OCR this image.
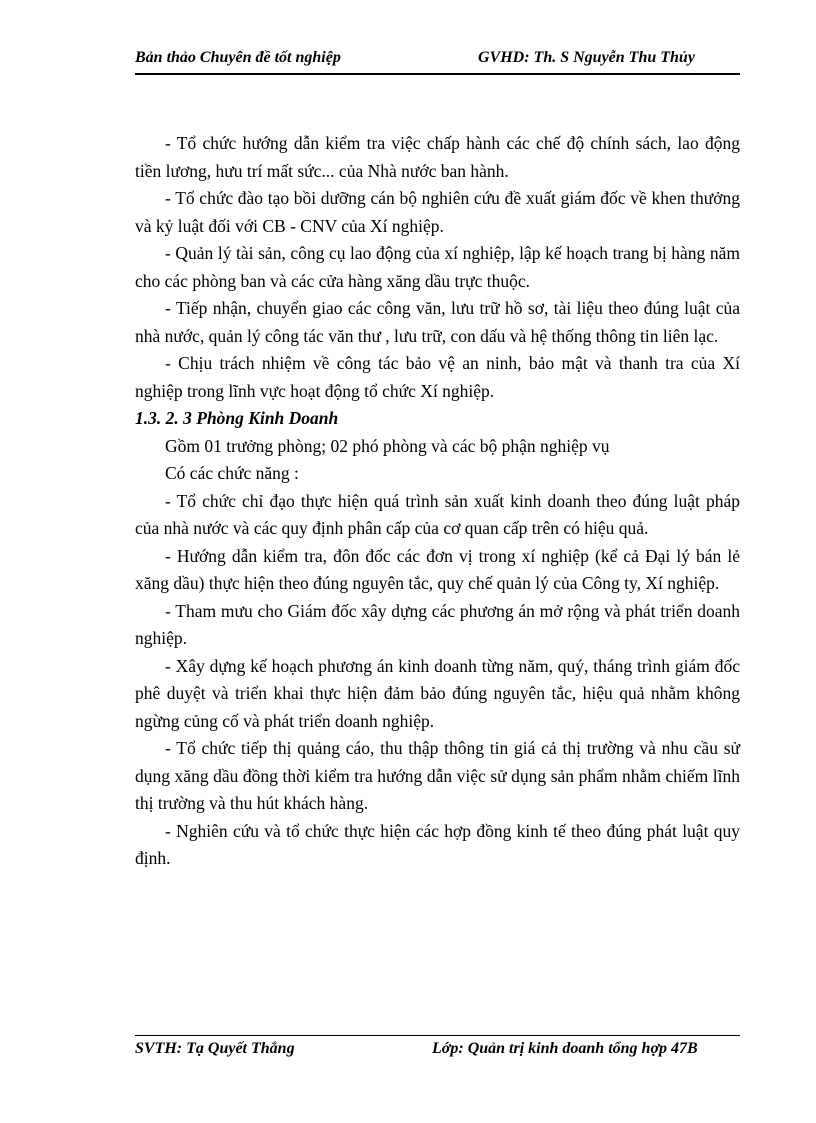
Bản thảo Chuyên đề tốt nghiệp	GVHD: Th. S Nguyễn Thu Thủy

- Tổ chức hướng dẫn kiểm tra việc chấp hành các chế độ chính sách, lao động tiền lương, hưu trí mất sức... của Nhà nước ban hành.

- Tổ chức đào tạo bồi dưỡng cán bộ nghiên cứu đề xuất giám đốc về khen thưởng và kỷ luật đối với CB - CNV của Xí nghiệp.

- Quản lý tài sản, công cụ lao động của xí nghiệp, lập kế hoạch trang bị hàng năm cho các phòng ban và các cửa hàng xăng dầu trực thuộc.

- Tiếp nhận, chuyển giao các công văn, lưu trữ hồ sơ, tài liệu theo đúng luật của nhà nước, quản lý công tác văn thư , lưu trữ, con dấu và hệ thống thông tin liên lạc.

- Chịu trách nhiệm về công tác bảo vệ an ninh, bảo mật và thanh tra của Xí nghiệp trong lĩnh vực hoạt động tổ chức Xí nghiệp.

1.3. 2. 3 Phòng Kinh Doanh

Gồm 01 trưởng phòng; 02 phó phòng và các bộ phận nghiệp vụ

Có các chức năng :

- Tổ chức chỉ đạo thực hiện quá trình sản xuất kinh doanh theo đúng luật pháp của nhà nước và các quy định phân cấp của cơ quan cấp trên có hiệu quả.

- Hướng dẫn kiểm tra, đôn đốc các đơn vị trong xí nghiệp (kể cả Đại lý bán lẻ xăng dầu) thực hiện theo đúng nguyên tắc, quy chế quản lý của Công ty, Xí nghiệp.

- Tham mưu cho Giám đốc xây dựng các phương án mở rộng và phát triển doanh nghiệp.

- Xây dựng kế hoạch phương án kinh doanh từng năm, quý, tháng trình giám đốc phê duyệt và triển khai thực hiện đảm bảo đúng nguyên tắc, hiệu quả nhằm không ngừng củng cố và phát triển doanh nghiệp.

- Tổ chức tiếp thị quảng cáo, thu thập thông tin giá cả thị trường và nhu cầu sử dụng xăng dầu đồng thời kiểm tra hướng dẫn việc sử dụng sản phẩm nhằm chiếm lĩnh thị trường và thu hút khách hàng.

- Nghiên cứu và tổ chức thực hiện các hợp đồng kinh tế theo đúng phát luật quy định.

SVTH: Tạ Quyết Thắng	Lớp: Quản trị kinh doanh tổng hợp 47B
